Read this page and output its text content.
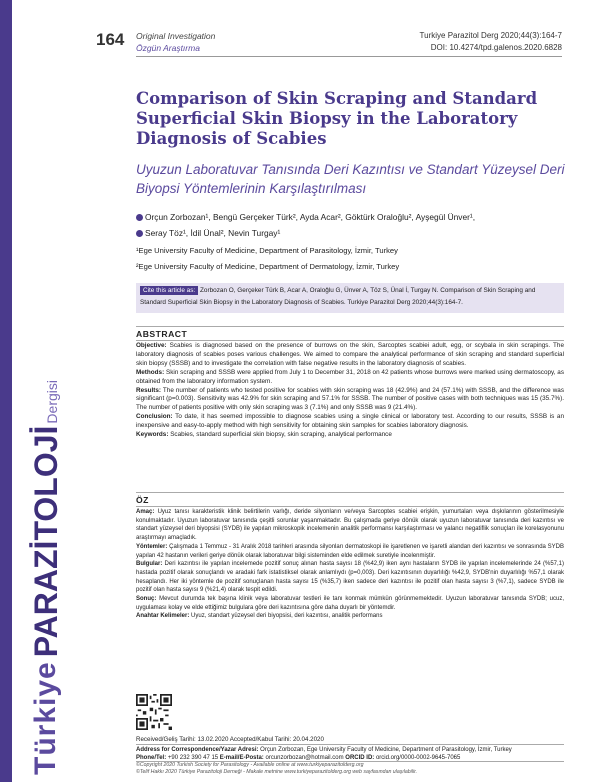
Türkiye
PARAZİTOLOJİ
Dergisi
164 Original Investigation
Özgün Araştırma
Turkiye Parazitol Derg 2020;44(3):164-7
DOI: 10.4274/tpd.galenos.2020.6828
Comparison of Skin Scraping and Standard Superficial Skin Biopsy in the Laboratory Diagnosis of Scabies
Uyuzun Laboratuvar Tanısında Deri Kazıntısı ve Standart Yüzeysel Deri Biyopsi Yöntemlerinin Karşılaştırılması
Orçun Zorbozan¹, Bengü Gerçeker Türk², Ayda Acar², Göktürk Oraloğlu², Ayşegül Ünver¹,
Seray Töz¹, İdil Ünal², Nevin Turgay¹
¹Ege University Faculty of Medicine, Department of Parasitology, İzmir, Turkey
²Ege University Faculty of Medicine, Department of Dermatology, İzmir, Turkey
Zorbozan O, Gerçeker Türk B, Acar A, Oraloğlu G, Ünver A, Töz S, Ünal İ, Turgay N. Comparison of Skin Scraping and Standard Superficial Skin Biopsy in the Laboratory Diagnosis of Scabies. Turkiye Parazitol Derg 2020;44(3):164-7.
Cite this article as:
ABSTRACT
Objective: Scabies is diagnosed based on the presence of burrows on the skin, Sarcoptes scabiei adult, egg, or scybala in skin scrapings. The laboratory diagnosis of scabies poses various challenges. We aimed to compare the analytical performance of skin scraping and standard superficial skin biopsy (SSSB) and to investigate the correlation with false negative results in the laboratory diagnosis of scabies.
Methods: Skin scraping and SSSB were applied from July 1 to December 31, 2018 on 42 patients whose burrows were marked using dermatoscopy, as obtained from the laboratory information system.
Results: The number of patients who tested positive for scabies with skin scraping was 18 (42.9%) and 24 (57.1%) with SSSB, and the difference was significant (p=0.003). Sensitivity was 42.9% for skin scraping and 57.1% for SSSB. The number of positive cases with both techniques was 15 (35.7%). The number of patients positive with only skin scraping was 3 (7.1%) and only SSSB was 9 (21.4%).
Conclusion: To date, it has seemed impossible to diagnose scabies using a single clinical or laboratory test. According to our results, SSSB is an inexpensive and easy-to-apply method with high sensitivity for obtaining skin samples for scabies laboratory diagnosis.
Keywords: Scabies, standard superficial skin biopsy, skin scraping, analytical performance
ÖZ
Amaç: Uyuz tanısı karakteristik klinik belirtilerin varlığı, deride silyonların ve/veya Sarcoptes scabiei erişkin, yumurtaları veya dışkılarının gösterilmesiyle konulmaktadır. Uyuzun laboratuvar tanısında çeşitli sorunlar yaşanmaktadır. Bu çalışmada geriye dönük olarak uyuzun laboratuvar tanısında deri kazıntısı ve standart yüzeysel deri biyopsisi (SYDB) ile yapılan mikroskopik incelemenin analitik performansı karşılaştırması ve yalancı negatiflik sonuçları ile korelasyonunu araştırmayı amaçladık.
Yöntemler: Çalışmada 1 Temmuz - 31 Aralık 2018 tarihleri arasında silyonları dermatoskopi ile işaretlenen ve işaretli alandan deri kazıntısı ve sonrasında SYDB yapılan 42 hastanın verileri geriye dönük olarak laboratuvar bilgi sisteminden elde edilmek suretiyle incelenmiştir.
Bulgular: Deri kazıntısı ile yapılan incelemede pozitif sonuç alınan hasta sayısı 18 (%42,9) iken aynı hastaların SYDB ile yapılan incelemelerinde 24 (%57,1) hastada pozitif olarak sonuçlandı ve aradaki fark istatistiksel olarak anlamlıydı (p=0,003). Deri kazıntısının duyarlılığı %42,9, SYDB'nin duyarlılığı %57,1 olarak hesaplandı. Her iki yöntemle de pozitif sonuçlanan hasta sayısı 15 (%35,7) iken sadece deri kazıntısı ile pozitif olan hasta sayısı 3 (%7,1), sadece SYDB ile pozitif olan hasta sayısı 9 (%21,4) olarak tespit edildi.
Sonuç: Mevcut durumda tek başına klinik veya laboratuvar testleri ile tanı konmak mümkün görünmemektedir. Uyuzun laboratuvar tanısında SYDB; ucuz, uygulaması kolay ve elde ettiğimiz bulgulara göre deri kazıntısına göre daha duyarlı bir yöntemdir.
Anahtar Kelimeler: Uyuz, standart yüzeysel deri biyopsisi, deri kazıntısı, analitik performans
Received/Geliş Tarihi: 13.02.2020 Accepted/Kabul Tarihi: 20.04.2020
Address for Correspondence/Yazar Adresi: Orçun Zorbozan, Ege University Faculty of Medicine, Department of Parasitology, İzmir, Turkey
Phone/Tel: +90 232 390 47 15 E-mail/E-Posta: orcunzorbozan@hotmail.com ORCID ID: orcid.org/0000-0002-9645-7065
©Copyright 2020 Turkish Society for Parasitology - Available online at www.turkiyeparazitolderg.org
©Telif Hakkı 2020 Türkiye Parazitoloji Derneği - Makale metnine www.turkiyeparazitolderg.org web sayfasından ulaşılabilir.
